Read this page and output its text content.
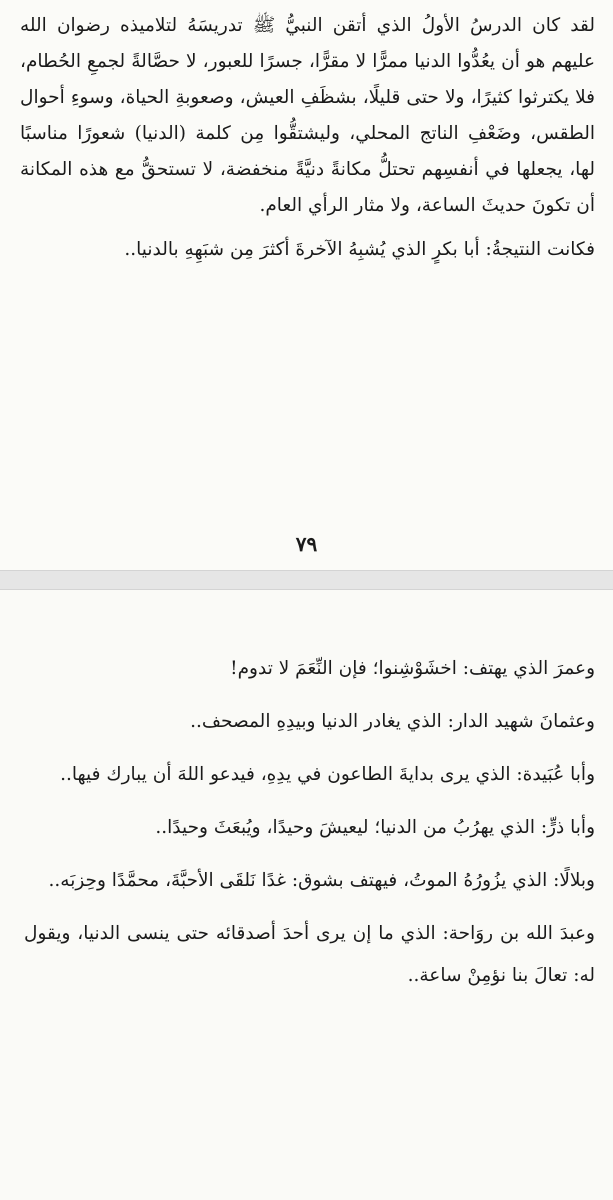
لقد كان الدرسُ الأولُ الذي أتقن النبيُّ ﷺ تدريسَهُ لتلاميذه رضوان الله عليهم هو أن يعُدُّوا الدنيا ممرًّا لا مقرًّا، جسرًا للعبور، لا حصَّالةً لجمعِ الحُطام، فلا يكترثوا كثيرًا، ولا حتى قليلًا، بشظَفِ العيش، وصعوبةِ الحياة، وسوءِ أحوال الطقس، وضَعْفِ الناتج المحلي، وليشتقُّوا مِن كلمة (الدنيا) شعورًا مناسبًا لها، يجعلها في أنفسِهم تحتلُّ مكانةً دنيَّةً منخفضة، لا تستحقُّ مع هذه المكانة أن تكونَ حديثَ الساعة، ولا مثار الرأي العام.

فكانت النتيجةُ: أبا بكرٍ الذي يُشبِهُ الآخرةَ أكثرَ مِن شبَهِهِ بالدنيا..

٧٩

وعمرَ الذي يهتف: اخشَوْشِنوا؛ فإن النِّعَمَ لا تدوم!

وعثمانَ شهيد الدار: الذي يغادر الدنيا وبيدِهِ المصحف..

وأبا عُبَيدة: الذي يرى بدايةَ الطاعون في يدِهِ، فيدعو اللهَ أن يبارك فيها..

وأبا ذرٍّ: الذي يهرُبُ من الدنيا؛ ليعيشَ وحيدًا، ويُبعَثَ وحيدًا..

وبلالًا: الذي يزُورُهُ الموتُ، فيهتف بشوق: غدًا نَلقَى الأحبَّةَ، محمَّدًا وحِزبَه..

وعبدَ الله بن روَاحة: الذي ما إن يرى أحدَ أصدقائه حتى ينسى الدنيا، ويقول له: تعالَ بنا نؤمِنْ ساعة..
